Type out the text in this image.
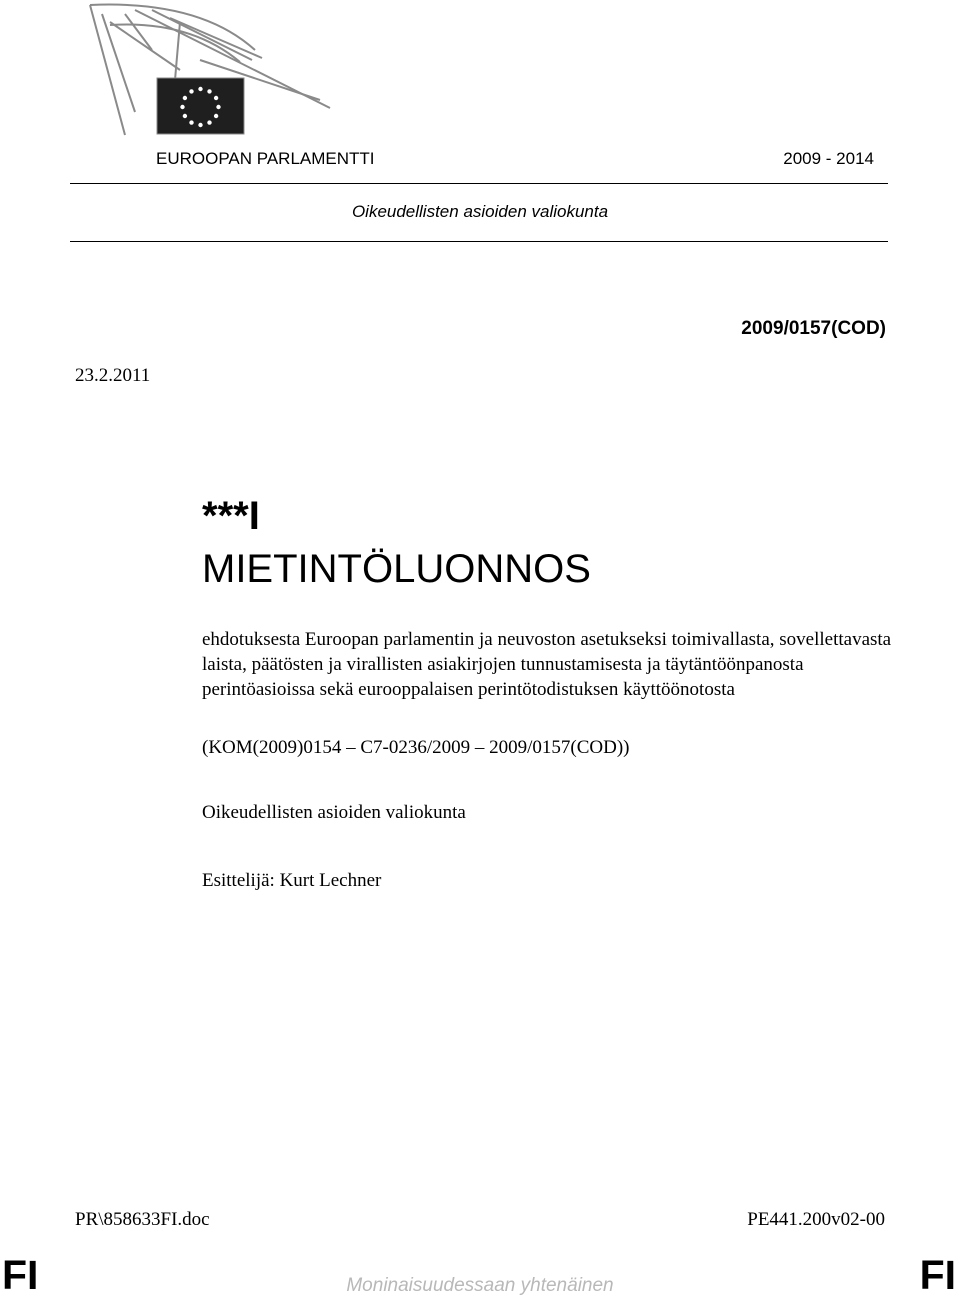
EUROOPAN PARLAMENTTI	2009 - 2014
Oikeudellisten asioiden valiokunta
2009/0157(COD)
23.2.2011
***I
MIETINTÖLUONNOS
ehdotuksesta Euroopan parlamentin ja neuvoston asetukseksi toimivallasta, sovellettavasta laista, päätösten ja virallisten asiakirjojen tunnustamisesta ja täytäntöönpanosta perintöasioissa sekä eurooppalaisen perintötodistuksen käyttöönotosta
(KOM(2009)0154 – C7-0236/2009 – 2009/0157(COD))
Oikeudellisten asioiden valiokunta
Esittelijä: Kurt Lechner
PR\858633FI.doc	PE441.200v02-00
FI	Moninaisuudessaan yhtenäinen	FI
